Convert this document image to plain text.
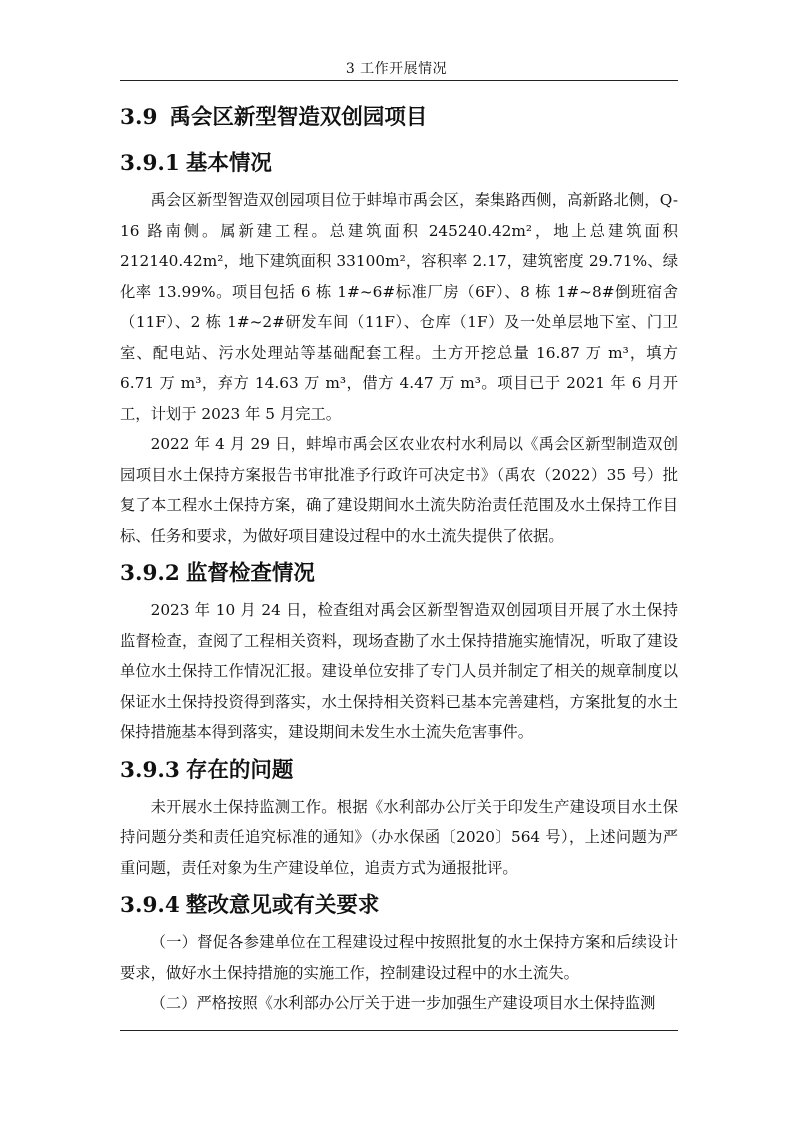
3 工作开展情况
3.9 禹会区新型智造双创园项目
3.9.1 基本情况

禹会区新型智造双创园项目位于蚌埠市禹会区，秦集路西侧，高新路北侧，Q-16 路南侧。属新建工程。总建筑面积 245240.42m²，地上总建筑面积 212140.42m²，地下建筑面积 33100m²，容积率 2.17，建筑密度 29.71%、绿化率 13.99%。项目包括 6 栋 1#~6#标准厂房（6F）、8 栋 1#~8#倒班宿舍（11F）、2 栋 1#~2#研发车间（11F）、仓库（1F）及一处单层地下室、门卫室、配电站、污水处理站等基础配套工程。土方开挖总量 16.87 万 m³，填方 6.71 万 m³，弃方 14.63 万 m³，借方 4.47 万 m³。项目已于 2021 年 6 月开工，计划于 2023 年 5 月完工。

2022 年 4 月 29 日，蚌埠市禹会区农业农村水利局以《禹会区新型制造双创园项目水土保持方案报告书审批准予行政许可决定书》（禹农（2022）35 号）批复了本工程水土保持方案，确了建设期间水土流失防治责任范围及水土保持工作目标、任务和要求，为做好项目建设过程中的水土流失提供了依据。

3.9.2 监督检查情况

2023 年 10 月 24 日，检查组对禹会区新型智造双创园项目开展了水土保持监督检查，查阅了工程相关资料，现场查勘了水土保持措施实施情况，听取了建设单位水土保持工作情况汇报。建设单位安排了专门人员并制定了相关的规章制度以保证水土保持投资得到落实，水土保持相关资料已基本完善建档，方案批复的水土保持措施基本得到落实，建设期间未发生水土流失危害事件。

3.9.3 存在的问题

未开展水土保持监测工作。根据《水利部办公厅关于印发生产建设项目水土保持问题分类和责任追究标准的通知》（办水保函〔2020〕564 号），上述问题为严重问题，责任对象为生产建设单位，追责方式为通报批评。

3.9.4 整改意见或有关要求

（一）督促各参建单位在工程建设过程中按照批复的水土保持方案和后续设计要求，做好水土保持措施的实施工作，控制建设过程中的水土流失。

（二）严格按照《水利部办公厅关于进一步加强生产建设项目水土保持监测
